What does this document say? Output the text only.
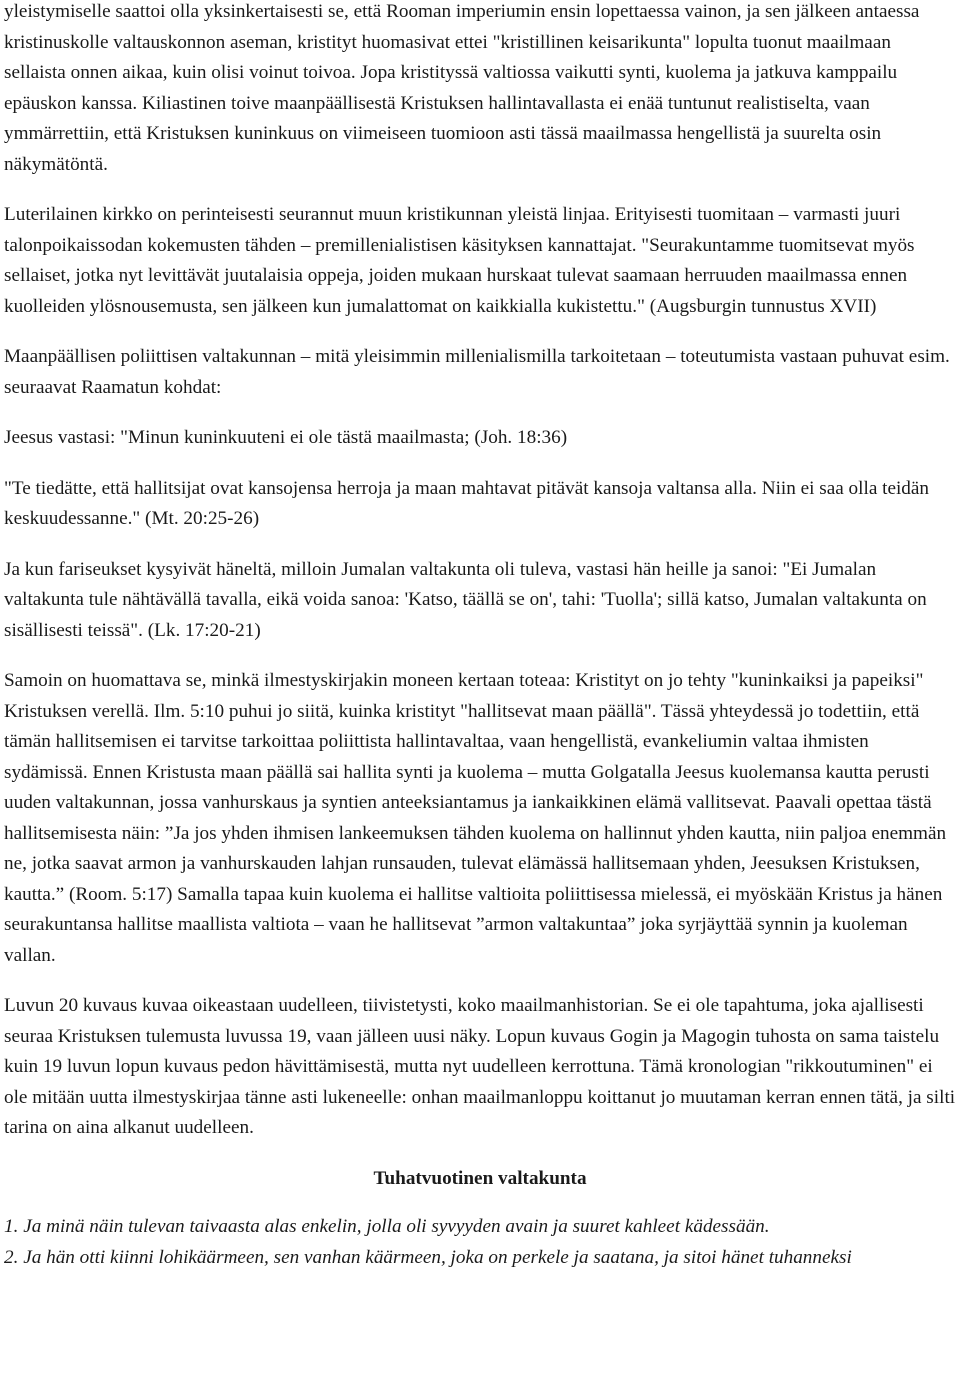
yleistymiselle saattoi olla yksinkertaisesti se, että Rooman imperiumin ensin lopettaessa vainon, ja sen jälkeen antaessa kristinuskolle valtauskonnon aseman, kristityt huomasivat ettei "kristillinen keisarikunta" lopulta tuonut maailmaan sellaista onnen aikaa, kuin olisi voinut toivoa. Jopa kristityssä valtiossa vaikutti synti, kuolema ja jatkuva kamppailu epäuskon kanssa. Kiliastinen toive maanpäällisestä Kristuksen hallintavallasta ei enää tuntunut realistiselta, vaan ymmärrettiin, että Kristuksen kuninkuus on viimeiseen tuomioon asti tässä maailmassa hengellistä ja suurelta osin näkymätöntä.

Luterilainen kirkko on perinteisesti seurannut muun kristikunnan yleistä linjaa. Erityisesti tuomitaan – varmasti juuri talonpoikaissodan kokemusten tähden – premillenialistisen käsityksen kannattajat. "Seurakuntamme tuomitsevat myös sellaiset, jotka nyt levittävät juutalaisia oppeja, joiden mukaan hurskaat tulevat saamaan herruuden maailmassa ennen kuolleiden ylösnousemusta, sen jälkeen kun jumalattomat on kaikkialla kukistettu." (Augsburgin tunnustus XVII)

Maanpäällisen poliittisen valtakunnan – mitä yleisimmin millenialismilla tarkoitetaan – toteutumista vastaan puhuvat esim. seuraavat Raamatun kohdat:

Jeesus vastasi: "Minun kuninkuuteni ei ole tästä maailmasta; (Joh. 18:36)

"Te tiedätte, että hallitsijat ovat kansojensa herroja ja maan mahtavat pitävät kansoja valtansa alla. Niin ei saa olla teidän keskuudessanne." (Mt. 20:25-26)

Ja kun fariseukset kysyivät häneltä, milloin Jumalan valtakunta oli tuleva, vastasi hän heille ja sanoi: "Ei Jumalan valtakunta tule nähtävällä tavalla, eikä voida sanoa: 'Katso, täällä se on', tahi: 'Tuolla'; sillä katso, Jumalan valtakunta on sisällisesti teissä". (Lk. 17:20-21)

Samoin on huomattava se, minkä ilmestyskirjakin moneen kertaan toteaa: Kristityt on jo tehty "kuninkaiksi ja papeiksi" Kristuksen verellä. Ilm. 5:10 puhui jo siitä, kuinka kristityt "hallitsevat maan päällä". Tässä yhteydessä jo todettiin, että tämän hallitsemisen ei tarvitse tarkoittaa poliittista hallintavaltaa, vaan hengellistä, evankeliumin valtaa ihmisten sydämissä. Ennen Kristusta maan päällä sai hallita synti ja kuolema – mutta Golgatalla Jeesus kuolemansa kautta perusti uuden valtakunnan, jossa vanhurskaus ja syntien anteeksiantamus ja iankaikkinen elämä vallitsevat. Paavali opettaa tästä hallitsemisesta näin: ”Ja jos yhden ihmisen lankeemuksen tähden kuolema on hallinnut yhden kautta, niin paljoa enemmän ne, jotka saavat armon ja vanhurskauden lahjan runsauden, tulevat elämässä hallitsemaan yhden, Jeesuksen Kristuksen, kautta.” (Room. 5:17) Samalla tapaa kuin kuolema ei hallitse valtioita poliittisessa mielessä, ei myöskään Kristus ja hänen seurakuntansa hallitse maallista valtiota – vaan he hallitsevat ”armon valtakuntaa” joka syrjäyttää synnin ja kuoleman vallan.

Luvun 20 kuvaus kuvaa oikeastaan uudelleen, tiivistetysti, koko maailmanhistorian. Se ei ole tapahtuma, joka ajallisesti seuraa Kristuksen tulemusta luvussa 19, vaan jälleen uusi näky. Lopun kuvaus Gogin ja Magogin tuhosta on sama taistelu kuin 19 luvun lopun kuvaus pedon hävittämisestä, mutta nyt uudelleen kerrottuna. Tämä kronologian "rikkoutuminen" ei ole mitään uutta ilmestyskirjaa tänne asti lukeneelle: onhan maailmanloppu koittanut jo muutaman kerran ennen tätä, ja silti tarina on aina alkanut uudelleen.

Tuhatvuotinen valtakunta

1. Ja minä näin tulevan taivaasta alas enkelin, jolla oli syvyyden avain ja suuret kahleet kädessään.

2. Ja hän otti kiinni lohikäärmeen, sen vanhan käärmeen, joka on perkele ja saatana, ja sitoi hänet tuhanneksi
